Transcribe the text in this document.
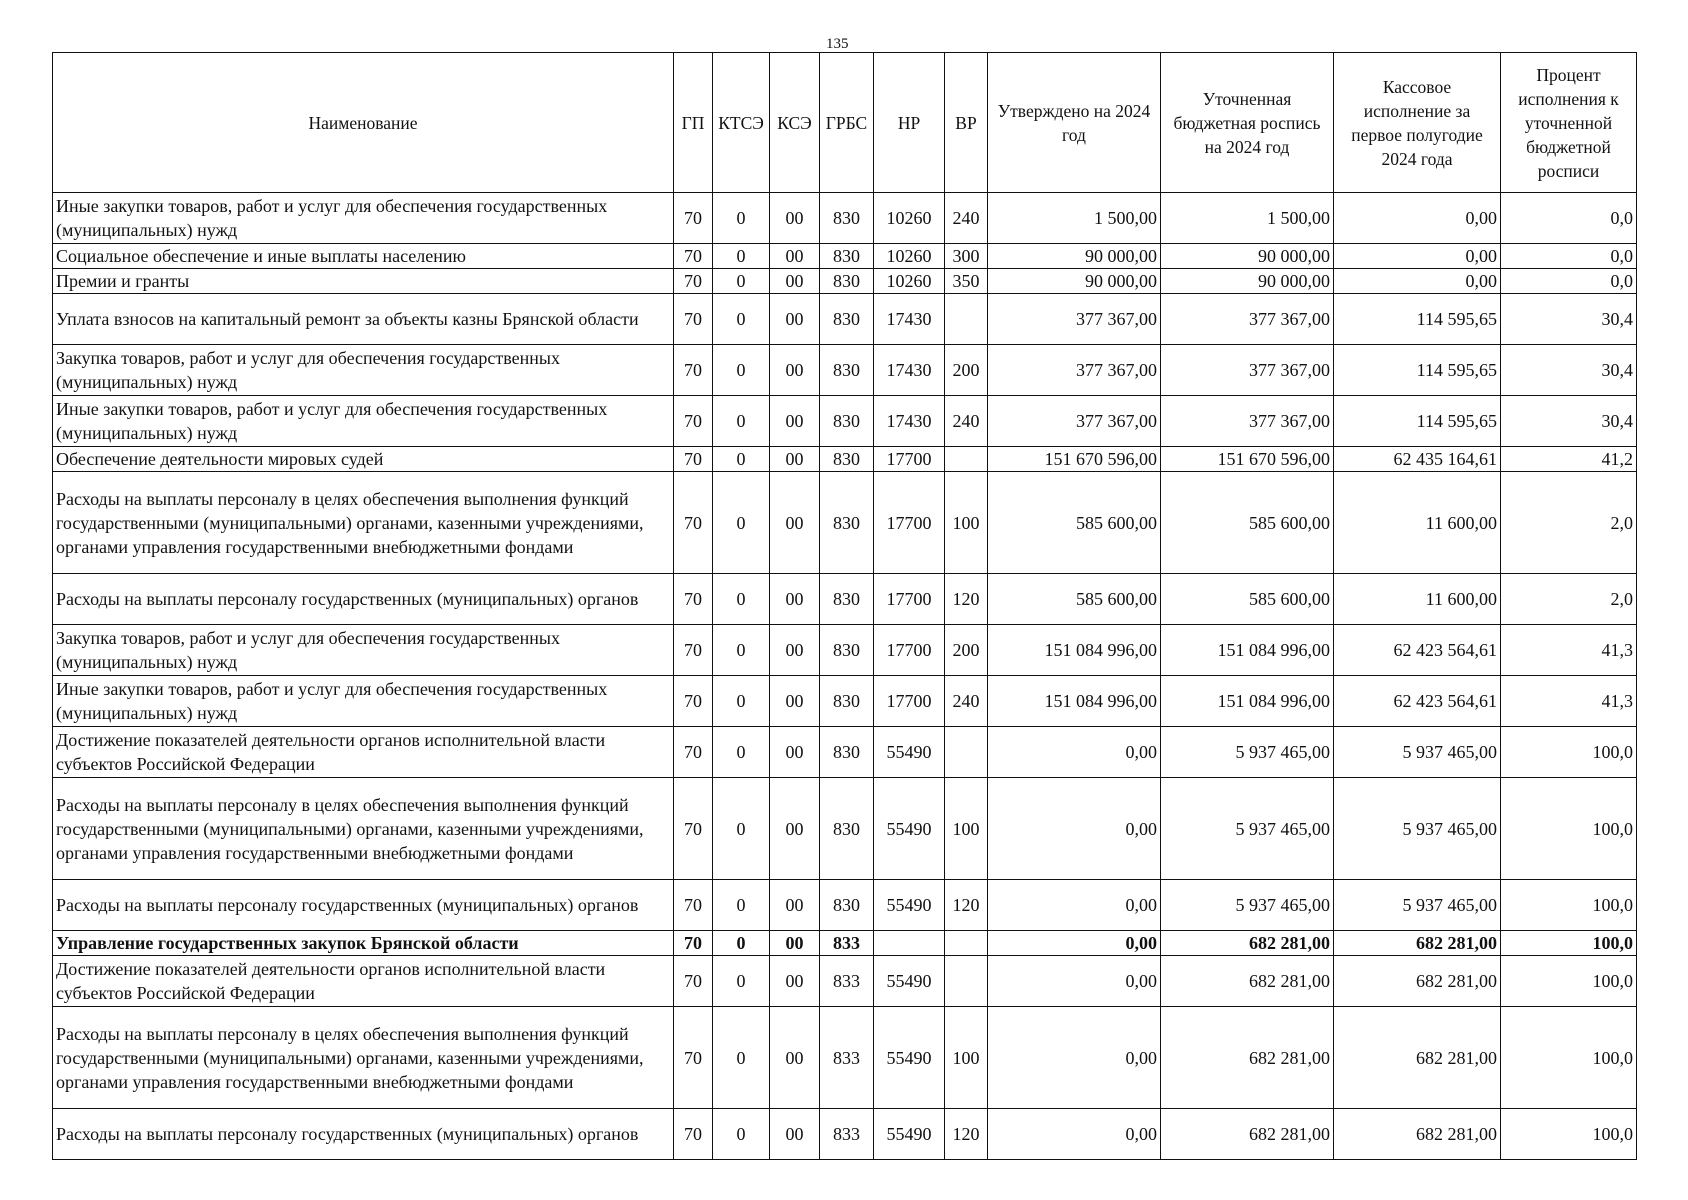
135
Наименование	ГП	КТСЭ	КСЭ	ГРБС	НР	ВР	Утверждено на 2024 год	Уточненная бюджетная роспись на 2024 год	Кассовое исполнение за первое полугодие 2024 года	Процент исполнения к уточненной бюджетной росписи
Иные закупки товаров, работ и услуг для обеспечения государственных (муниципальных) нужд	70	0	00	830	10260	240	1 500,00	1 500,00	0,00	0,0
Социальное обеспечение и иные выплаты населению	70	0	00	830	10260	300	90 000,00	90 000,00	0,00	0,0
Премии и гранты	70	0	00	830	10260	350	90 000,00	90 000,00	0,00	0,0
Уплата взносов на капитальный ремонт за объекты казны Брянской области	70	0	00	830	17430		377 367,00	377 367,00	114 595,65	30,4
Закупка товаров, работ и услуг для обеспечения государственных (муниципальных) нужд	70	0	00	830	17430	200	377 367,00	377 367,00	114 595,65	30,4
Иные закупки товаров, работ и услуг для обеспечения государственных (муниципальных) нужд	70	0	00	830	17430	240	377 367,00	377 367,00	114 595,65	30,4
Обеспечение деятельности мировых судей	70	0	00	830	17700		151 670 596,00	151 670 596,00	62 435 164,61	41,2
Расходы на выплаты персоналу в целях обеспечения выполнения функций государственными (муниципальными) органами, казенными учреждениями, органами управления государственными внебюджетными фондами	70	0	00	830	17700	100	585 600,00	585 600,00	11 600,00	2,0
Расходы на выплаты персоналу государственных (муниципальных) органов	70	0	00	830	17700	120	585 600,00	585 600,00	11 600,00	2,0
Закупка товаров, работ и услуг для обеспечения государственных (муниципальных) нужд	70	0	00	830	17700	200	151 084 996,00	151 084 996,00	62 423 564,61	41,3
Иные закупки товаров, работ и услуг для обеспечения государственных (муниципальных) нужд	70	0	00	830	17700	240	151 084 996,00	151 084 996,00	62 423 564,61	41,3
Достижение показателей деятельности органов исполнительной власти субъектов Российской Федерации	70	0	00	830	55490		0,00	5 937 465,00	5 937 465,00	100,0
Расходы на выплаты персоналу в целях обеспечения выполнения функций государственными (муниципальными) органами, казенными учреждениями, органами управления государственными внебюджетными фондами	70	0	00	830	55490	100	0,00	5 937 465,00	5 937 465,00	100,0
Расходы на выплаты персоналу государственных (муниципальных) органов	70	0	00	830	55490	120	0,00	5 937 465,00	5 937 465,00	100,0
Управление государственных закупок Брянской области	70	0	00	833			0,00	682 281,00	682 281,00	100,0
Достижение показателей деятельности органов исполнительной власти субъектов Российской Федерации	70	0	00	833	55490		0,00	682 281,00	682 281,00	100,0
Расходы на выплаты персоналу в целях обеспечения выполнения функций государственными (муниципальными) органами, казенными учреждениями, органами управления государственными внебюджетными фондами	70	0	00	833	55490	100	0,00	682 281,00	682 281,00	100,0
Расходы на выплаты персоналу государственных (муниципальных) органов	70	0	00	833	55490	120	0,00	682 281,00	682 281,00	100,0
